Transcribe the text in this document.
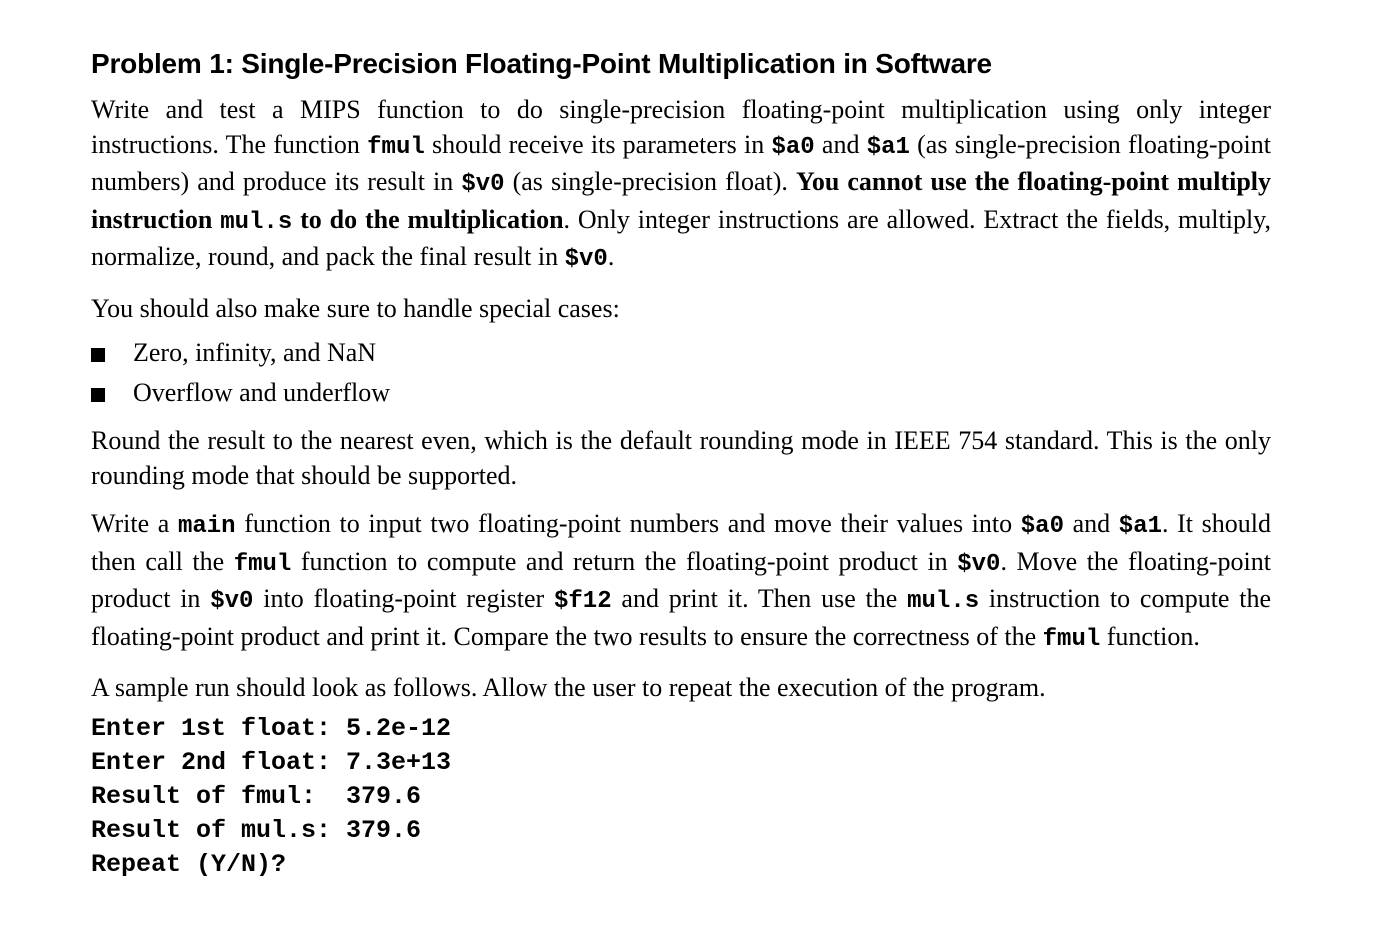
Problem 1: Single-Precision Floating-Point Multiplication in Software

Write and test a MIPS function to do single-precision floating-point multiplication using only integer instructions. The function fmul should receive its parameters in $a0 and $a1 (as single-precision floating-point numbers) and produce its result in $v0 (as single-precision float). You cannot use the floating-point multiply instruction mul.s to do the multiplication. Only integer instructions are allowed. Extract the fields, multiply, normalize, round, and pack the final result in $v0.

You should also make sure to handle special cases:

Zero, infinity, and NaN
Overflow and underflow

Round the result to the nearest even, which is the default rounding mode in IEEE 754 standard. This is the only rounding mode that should be supported.

Write a main function to input two floating-point numbers and move their values into $a0 and $a1. It should then call the fmul function to compute and return the floating-point product in $v0. Move the floating-point product in $v0 into floating-point register $f12 and print it. Then use the mul.s instruction to compute the floating-point product and print it. Compare the two results to ensure the correctness of the fmul function.

A sample run should look as follows. Allow the user to repeat the execution of the program.

Enter 1st float: 5.2e-12
Enter 2nd float: 7.3e+13
Result of fmul:  379.6
Result of mul.s: 379.6
Repeat (Y/N)?
